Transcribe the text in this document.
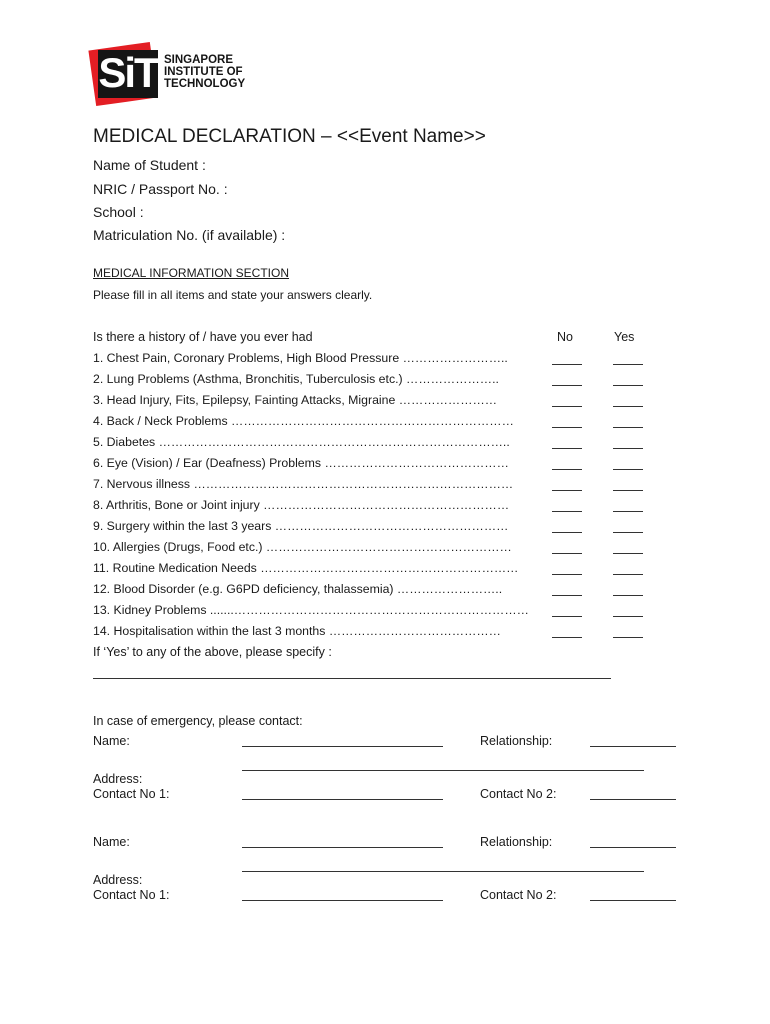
SiT SINGAPORE
INSTITUTE OF
TECHNOLOGY
MEDICAL DECLARATION – <<Event Name>>
Name of Student :
NRIC / Passport No. :
School :
Matriculation No. (if available) :
MEDICAL INFORMATION SECTION
Please fill in all items and state your answers clearly.
Is there a history of / have you ever had	No	Yes
1. Chest Pain, Coronary Problems, High Blood Pressure ……………………..
2. Lung Problems (Asthma, Bronchitis, Tuberculosis etc.) …………………..
3. Head Injury, Fits, Epilepsy, Fainting Attacks, Migraine ……………………
4. Back / Neck Problems ……………………………………………………………
5. Diabetes …………………………………………………………………………..
6. Eye (Vision) / Ear (Deafness) Problems ………………………………………
7. Nervous illness ……………………………………………………………………
8. Arthritis, Bone or Joint injury ……………………………………………………
9. Surgery within the last 3 years …………………………………………………
10. Allergies (Drugs, Food etc.) ……………………………………………………
11. Routine Medication Needs ………………………………………………………
12. Blood Disorder (e.g. G6PD deficiency, thalassemia) ……………………..
13. Kidney Problems .......………………………………………………………………
14. Hospitalisation within the last 3 months ……………………………………
If ‘Yes’ to any of the above, please specify :
In case of emergency, please contact:
Name:	Relationship:
Address:
Contact No 1:	Contact No 2:
Name:	Relationship:
Address:
Contact No 1:	Contact No 2:
